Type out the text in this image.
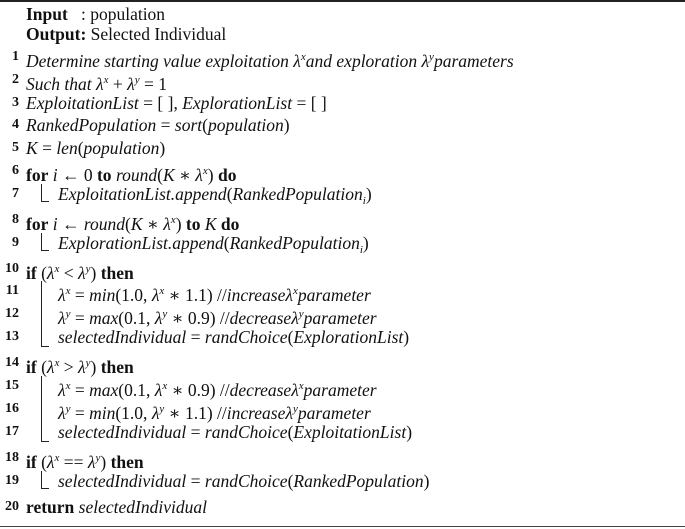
Input   : population
Output: Selected Individual
1 Determine starting value exploitation $\lambda^xand$ exploration $\lambda^yparameters$
2 Such that $\lambda^x + \lambda^y = 1$
3 ExploitationList = [ ], ExplorationList = [ ]
4 RankedPopulation = sort(population)
5 K = len(population)
6 for i ← 0 to round(K ∗ $\lambda^x$) do
7 ExploitationList.append(RankedPopulation$_i$)
8 for i ← round(K ∗ $\lambda^x$) to K do
9 ExplorationList.append(RankedPopulation$_i$)
10 if $(\lambda^x < \lambda^y)$ then
11 $\lambda^x = \min(1.0$, $\lambda^x$ ∗ 1.1) //increaseλ$^x$parameter
12 $\lambda^y = \max(0.1$, $\lambda^y$ ∗ 0.9) //decreaseλ$^y$parameter
13 selectedIndividual = randChoice(ExplorationList)
14 if $(\lambda^x > \lambda^y)$ then
15 $\lambda^x = \max(0.1$, $\lambda^x$ ∗ 0.9) //decreaseλ$^x$parameter
16 $\lambda^y = \min(1.0$, $\lambda^y$ ∗ 1.1) //increaseλ$^y$parameter
17 selectedIndividual = randChoice(ExploitationList)
18 if $(\lambda^x == \lambda^y)$ then
19 selectedIndividual = randChoice(RankedPopulation)
20 return selectedIndividual
